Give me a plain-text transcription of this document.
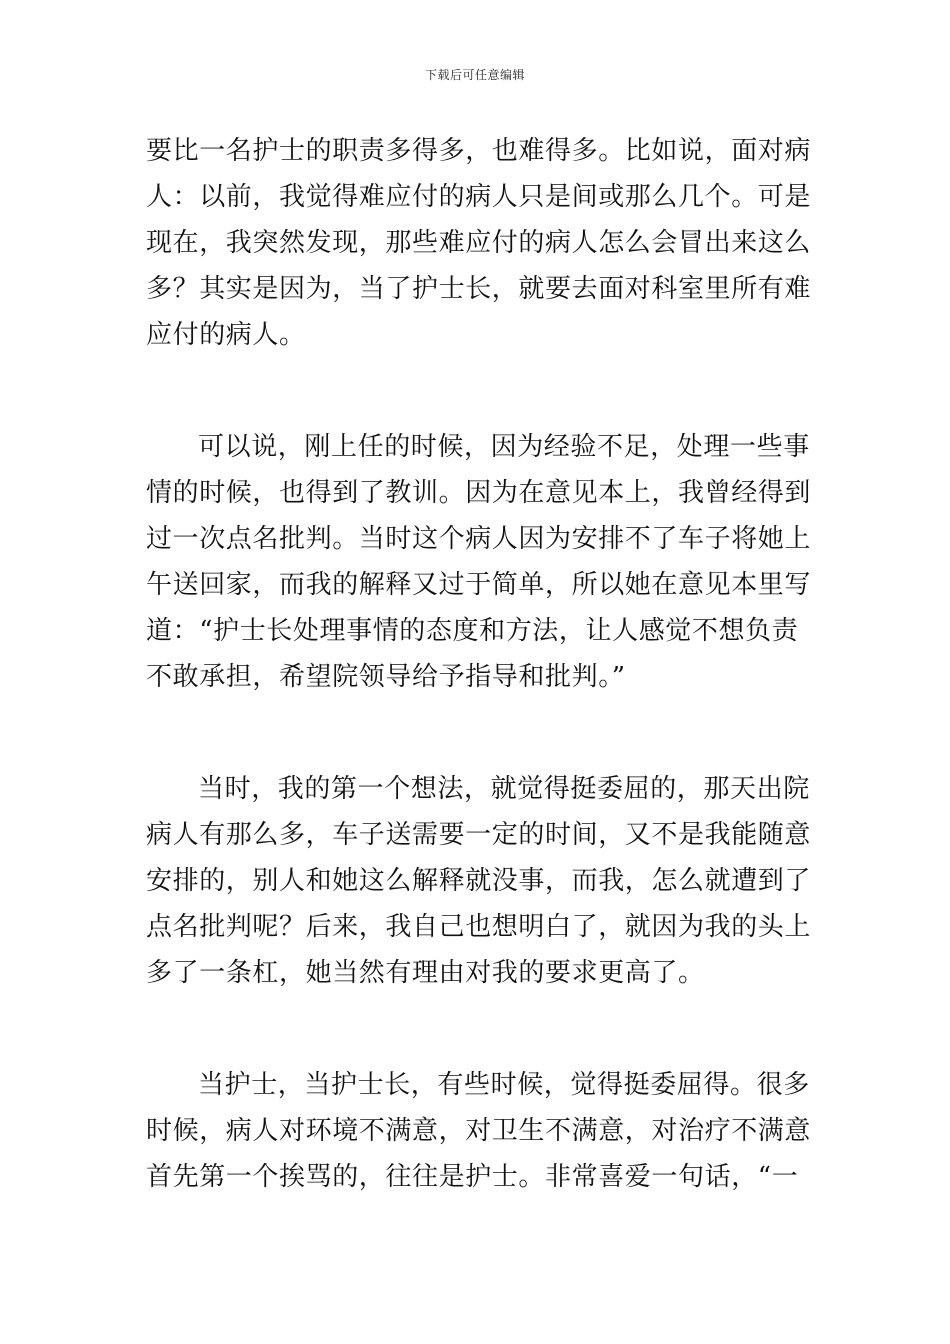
下载后可任意编辑

要比一名护士的职责多得多，也难得多。比如说，面对病
人：以前，我觉得难应付的病人只是间或那么几个。可是
现在，我突然发现，那些难应付的病人怎么会冒出来这么
多？其实是因为，当了护士长，就要去面对科室里所有难
应付的病人。

可以说，刚上任的时候，因为经验不足，处理一些事
情的时候，也得到了教训。因为在意见本上，我曾经得到
过一次点名批判。当时这个病人因为安排不了车子将她上
午送回家，而我的解释又过于简单，所以她在意见本里写
道：“护士长处理事情的态度和方法，让人感觉不想负责
不敢承担，希望院领导给予指导和批判。”

当时，我的第一个想法，就觉得挺委屈的，那天出院
病人有那么多，车子送需要一定的时间，又不是我能随意
安排的，别人和她这么解释就没事，而我，怎么就遭到了
点名批判呢？后来，我自己也想明白了，就因为我的头上
多了一条杠，她当然有理由对我的要求更高了。

当护士，当护士长，有些时候，觉得挺委屈得。很多
时候，病人对环境不满意，对卫生不满意，对治疗不满意
首先第一个挨骂的，往往是护士。非常喜爱一句话，“一
